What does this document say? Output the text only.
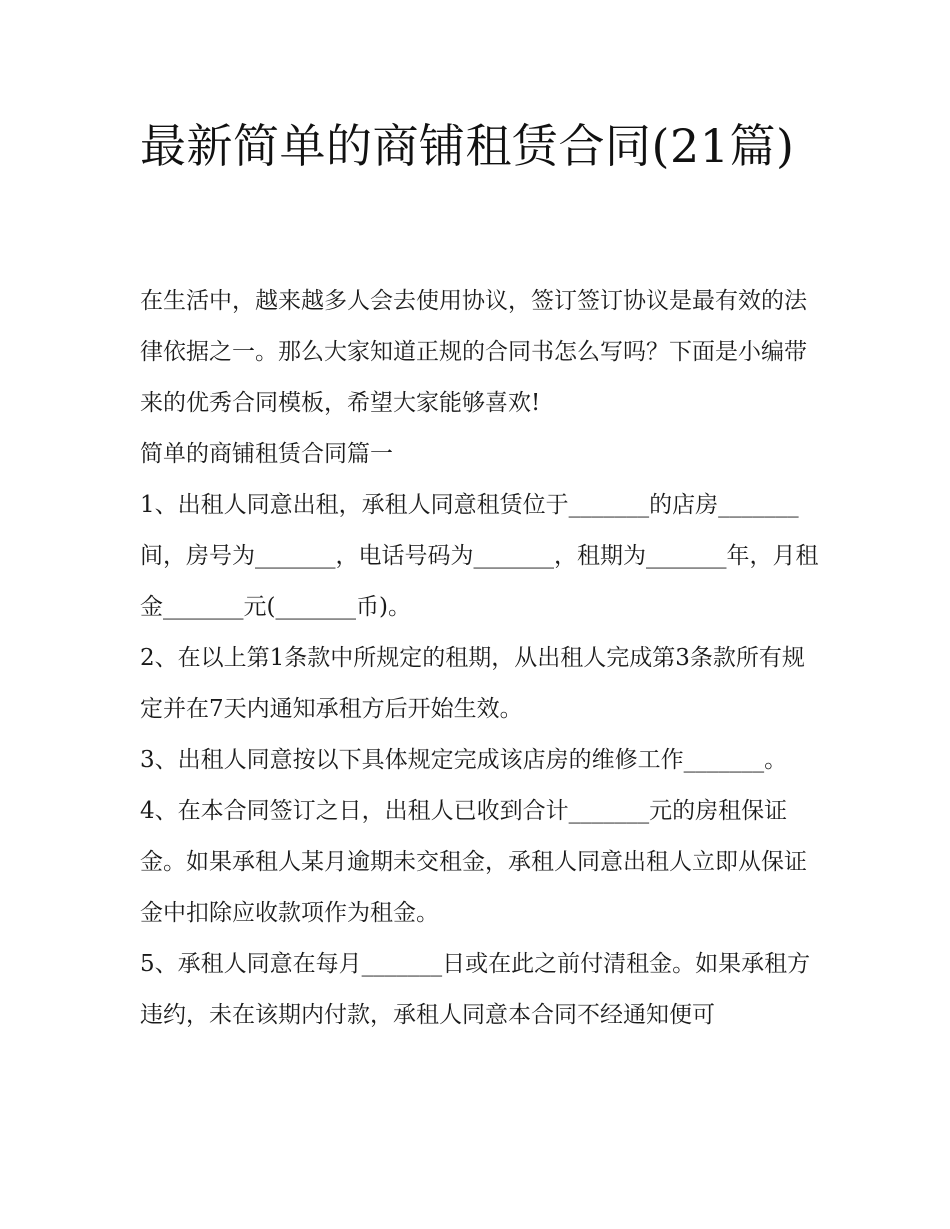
最新简单的商铺租赁合同(21篇)

在生活中，越来越多人会去使用协议，签订签订协议是最有效的法律依据之一。那么大家知道正规的合同书怎么写吗？下面是小编带来的优秀合同模板，希望大家能够喜欢!

简单的商铺租赁合同篇一

1、出租人同意出租，承租人同意租赁位于_______的店房_______间，房号为_______，电话号码为_______，租期为_______年，月租金_______元(_______币)。

2、在以上第1条款中所规定的租期，从出租人完成第3条款所有规定并在7天内通知承租方后开始生效。

3、出租人同意按以下具体规定完成该店房的维修工作_______。

4、在本合同签订之日，出租人已收到合计_______元的房租保证金。如果承租人某月逾期未交租金，承租人同意出租人立即从保证金中扣除应收款项作为租金。

5、承租人同意在每月_______日或在此之前付清租金。如果承租方违约，未在该期内付款，承租人同意本合同不经通知便可
